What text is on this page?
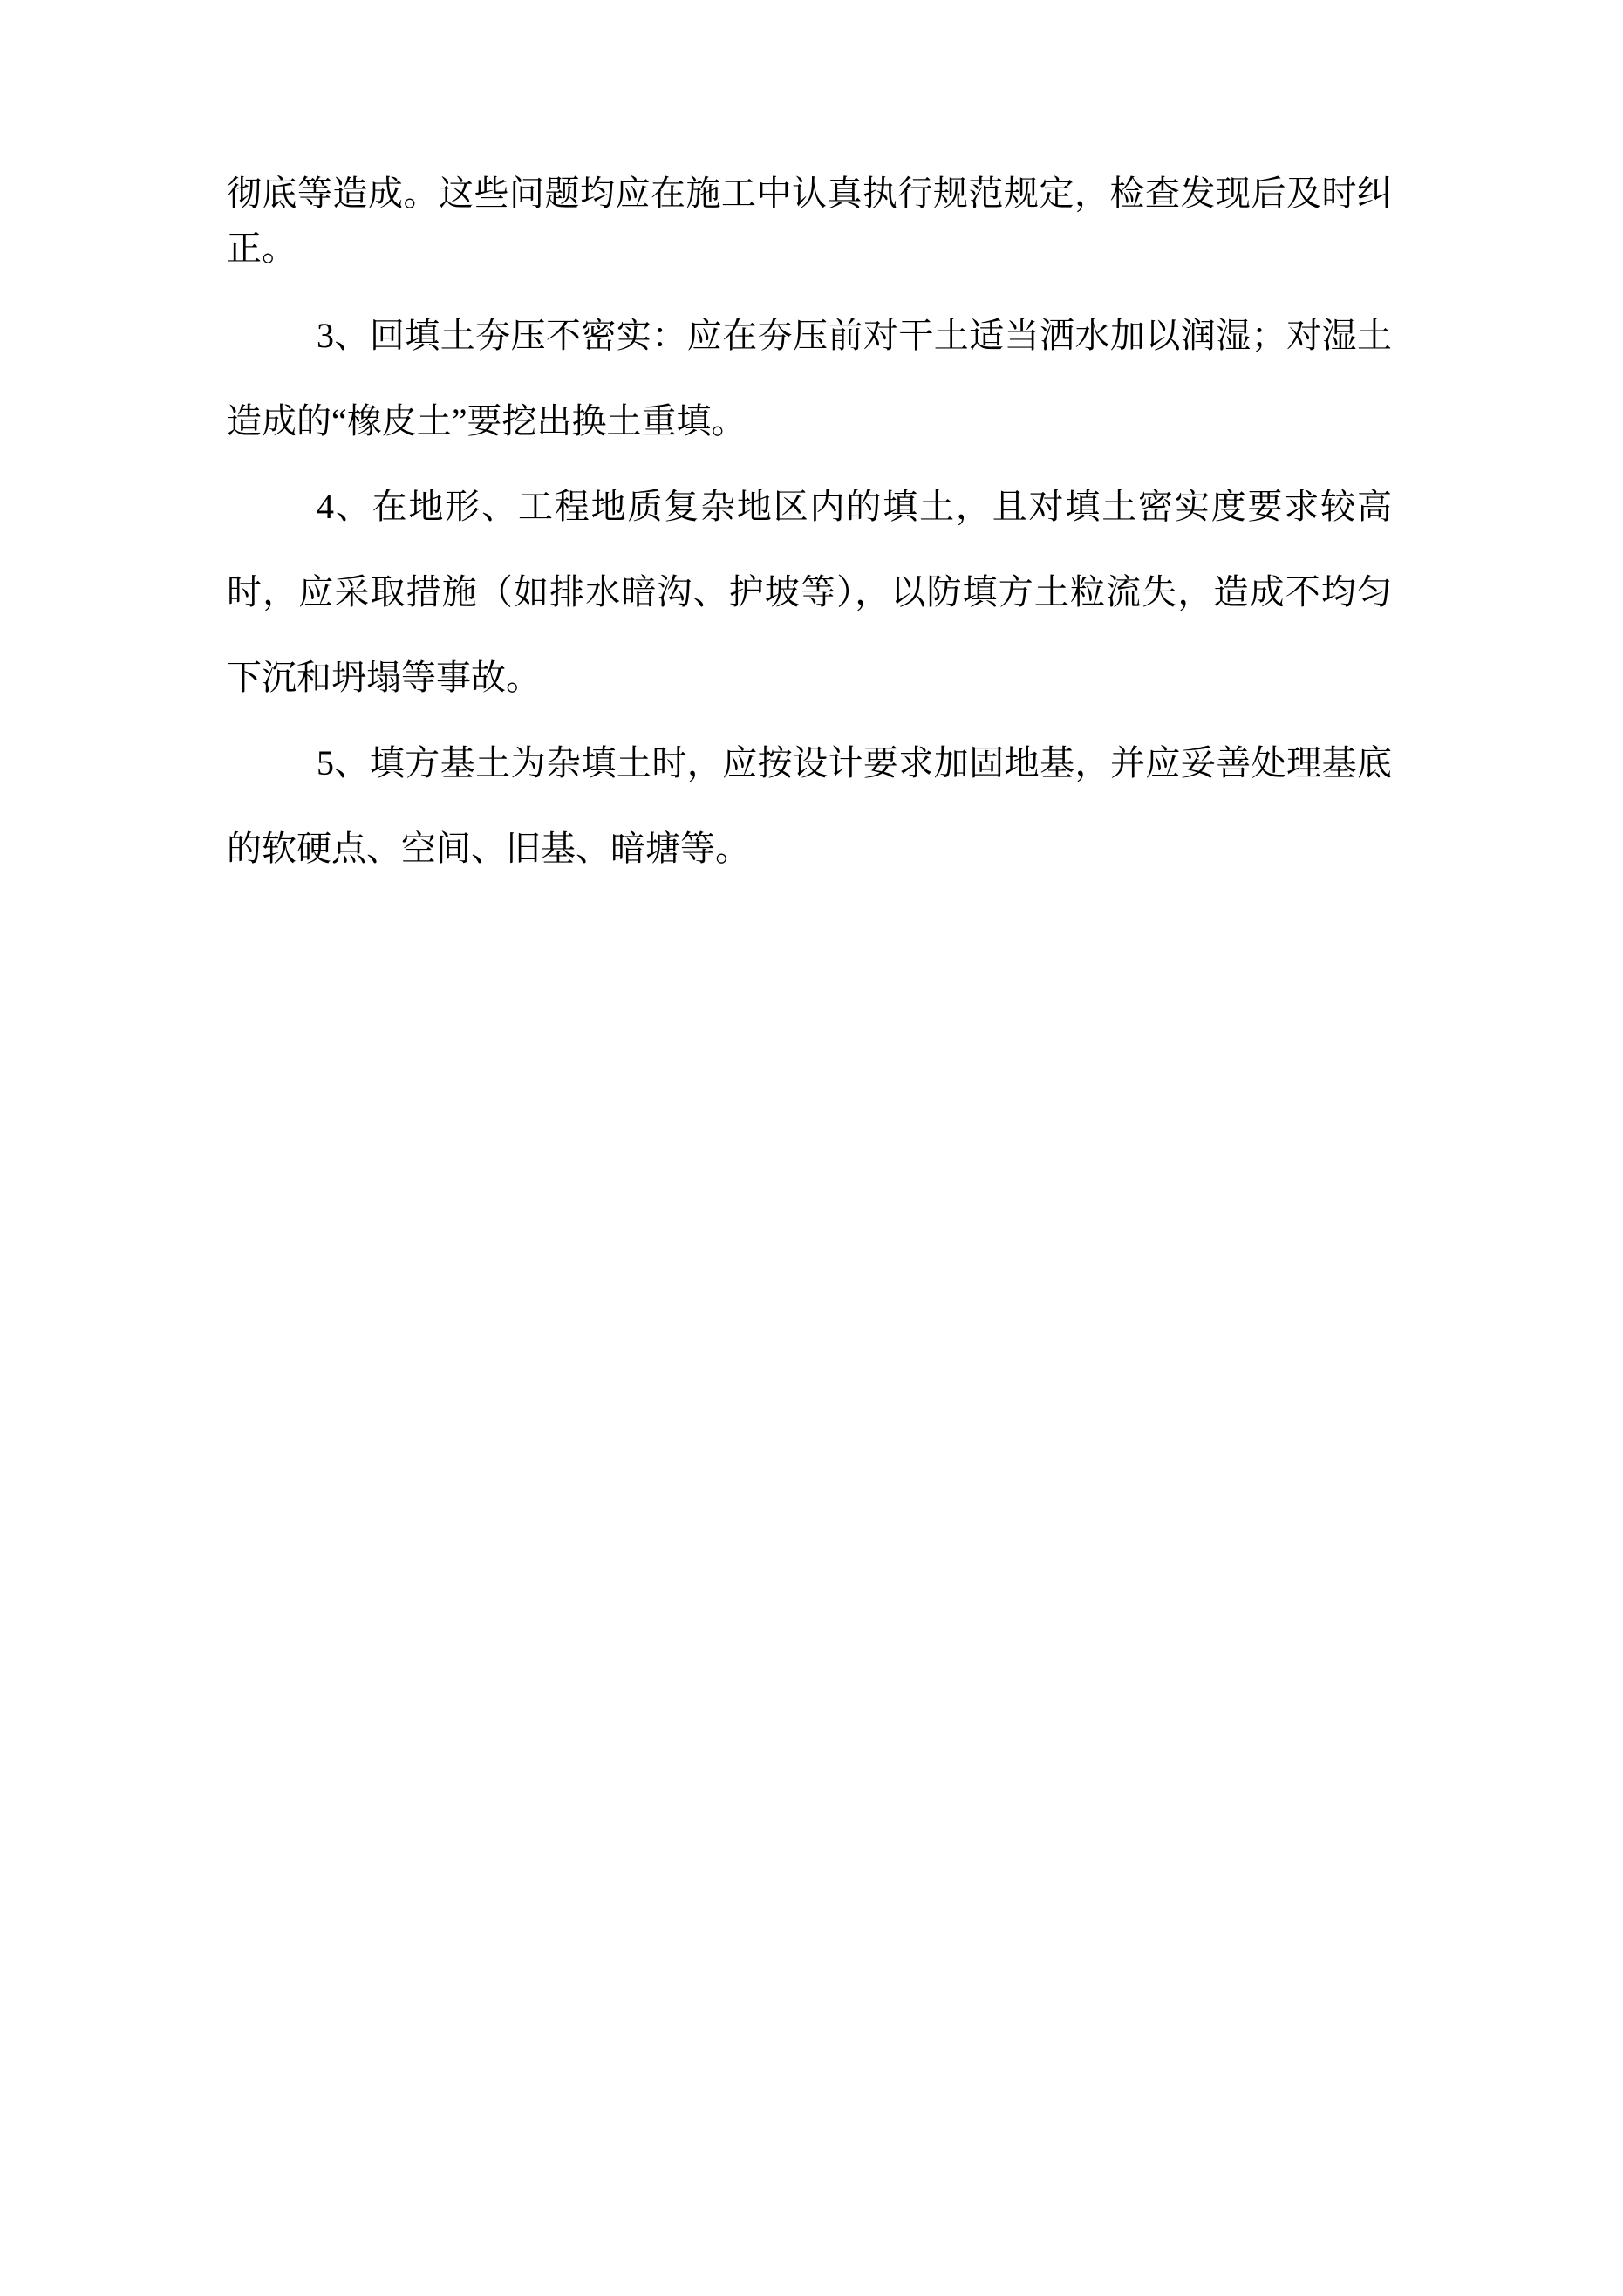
彻底等造成。这些问题均应在施工中认真执行规范规定，检查发现后及时纠正。

3、回填土夯压不密实：应在夯压前对干土适当洒水加以润湿；对湿土造成的“橡皮土”要挖出换土重填。

4、在地形、工程地质复杂地区内的填土，且对填土密实度要求较高时，应采取措施（如排水暗沟、护坡等），以防填方土粒流失，造成不均匀下沉和坍塌等事故。

5、填方基土为杂填土时，应按设计要求加固地基，并应妥善处理基底的软硬点、空间、旧基、暗塘等。
